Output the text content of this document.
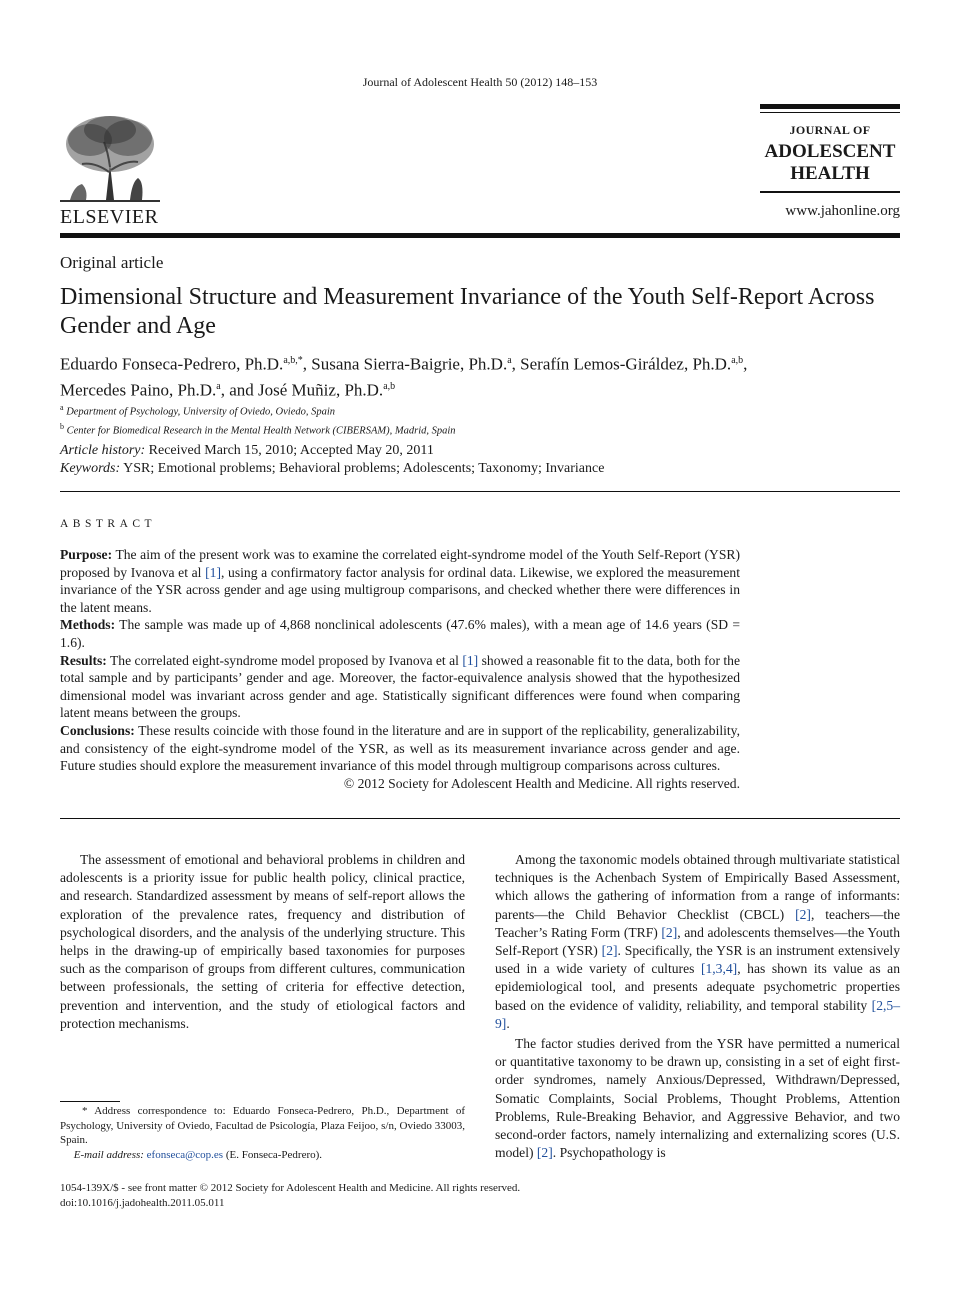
Journal of Adolescent Health 50 (2012) 148–153
ELSEVIER
JOURNAL OF
ADOLESCENT
HEALTH
www.jahonline.org
Original article
Dimensional Structure and Measurement Invariance of the Youth Self-Report Across Gender and Age
Eduardo Fonseca-Pedrero, Ph.D.$^{a,b,*}$, Susana Sierra-Baigrie, Ph.D.$^a$, Serafín Lemos-Giráldez, Ph.D.$^{a,b}$,
Mercedes Paino, Ph.D.$^a$, and José Muñiz, Ph.D.$^{a,b}$
$^a$ Department of Psychology, University of Oviedo, Oviedo, Spain
$^b$ Center for Biomedical Research in the Mental Health Network (CIBERSAM), Madrid, Spain
Article history: Received March 15, 2010; Accepted May 20, 2011
Keywords: YSR; Emotional problems; Behavioral problems; Adolescents; Taxonomy; Invariance
ABSTRACT

Purpose: The aim of the present work was to examine the correlated eight-syndrome model of the Youth Self-Report (YSR) proposed by Ivanova et al [1], using a confirmatory factor analysis for ordinal data. Likewise, we explored the measurement invariance of the YSR across gender and age using multigroup comparisons, and checked whether there were differences in the latent means.

Methods: The sample was made up of 4,868 nonclinical adolescents (47.6% males), with a mean age of 14.6 years (SD = 1.6).

Results: The correlated eight-syndrome model proposed by Ivanova et al [1] showed a reasonable fit to the data, both for the total sample and by participants’ gender and age. Moreover, the factor-equivalence analysis showed that the hypothesized dimensional model was invariant across gender and age. Statistically significant differences were found when comparing latent means between the groups.

Conclusions: These results coincide with those found in the literature and are in support of the replicability, generalizability, and consistency of the eight-syndrome model of the YSR, as well as its measurement invariance across gender and age. Future studies should explore the measurement invariance of this model through multigroup comparisons across cultures.

© 2012 Society for Adolescent Health and Medicine. All rights reserved.

The assessment of emotional and behavioral problems in children and adolescents is a priority issue for public health policy, clinical practice, and research. Standardized assessment by means of self-report allows the exploration of the prevalence rates, frequency and distribution of psychological disorders, and the analysis of the underlying structure. This helps in the drawing-up of empirically based taxonomies for purposes such as the comparison of groups from different cultures, communication between professionals, the setting of criteria for effective detection, prevention and intervention, and the study of etiological factors and protection mechanisms.

Among the taxonomic models obtained through multivariate statistical techniques is the Achenbach System of Empirically Based Assessment, which allows the gathering of information from a range of informants: parents—the Child Behavior Checklist (CBCL) [2], teachers—the Teacher’s Rating Form (TRF) [2], and adolescents themselves—the Youth Self-Report (YSR) [2]. Specifically, the YSR is an instrument extensively used in a wide variety of cultures [1,3,4], has shown its value as an epidemiological tool, and presents adequate psychometric properties based on the evidence of validity, reliability, and temporal stability [2,5–9].

The factor studies derived from the YSR have permitted a numerical or quantitative taxonomy to be drawn up, consisting in a set of eight first-order syndromes, namely Anxious/Depressed, Withdrawn/Depressed, Somatic Complaints, Social Problems, Thought Problems, Attention Problems, Rule-Breaking Behavior, and Aggressive Behavior, and two second-order factors, namely internalizing and externalizing scores (U.S. model) [2]. Psychopathology is

* Address correspondence to: Eduardo Fonseca-Pedrero, Ph.D., Department of Psychology, University of Oviedo, Facultad de Psicología, Plaza Feijoo, s/n, Oviedo 33003, Spain.

E-mail address: efonseca@cop.es (E. Fonseca-Pedrero).

1054-139X/$ - see front matter © 2012 Society for Adolescent Health and Medicine. All rights reserved.
doi:10.1016/j.jadohealth.2011.05.011
